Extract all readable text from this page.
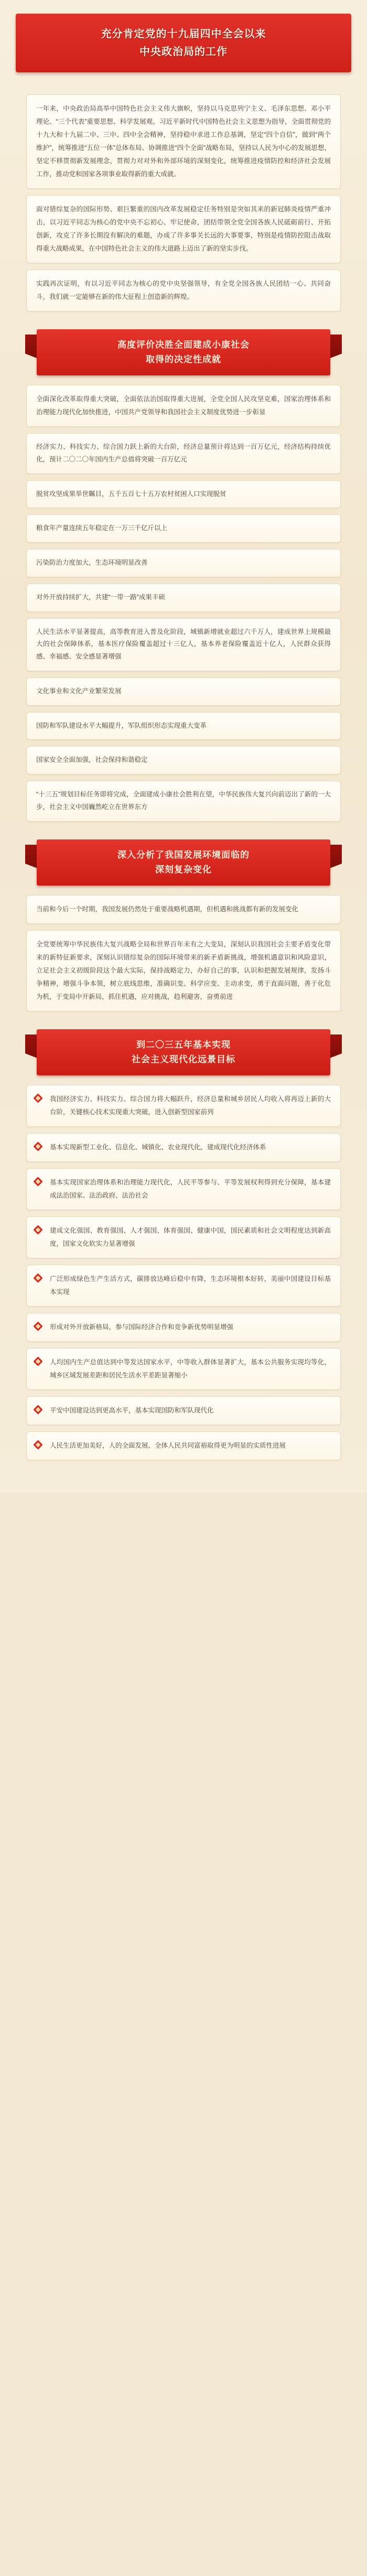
充分肯定党的十九届四中全会以来
中央政治局的工作
一年来，中央政治局高举中国特色社会主义伟大旗帜，坚持以马克思列宁主义、毛泽东思想、邓小平理论、“三个代表”重要思想、科学发展观、习近平新时代中国特色社会主义思想为指导，全面贯彻党的十九大和十九届二中、三中、四中全会精神，坚持稳中求进工作总基调，坚定“四个自信”，做到“两个维护”，统筹推进“五位一体”总体布局、协调推进“四个全面”战略布局，坚持以人民为中心的发展思想，坚定不移贯彻新发展理念，贯彻力对对外和外部环境的深刻变化，统筹推进疫情防控和经济社会发展工作，推动党和国家各项事业取得新的重大成就。
面对错综复杂的国际形势、艰巨繁重的国内改革发展稳定任务特别是突如其来的新冠肺炎疫情严重冲击，以习近平同志为核心的党中央不忘初心、牢记使命，团结带领全党全国各族人民砥砺前行、开拓创新，攻克了许多长期没有解决的难题，办成了许多事关长远的大事要事，特别是疫情防控阻击战取得重大战略成果，在中国特色社会主义的伟大道路上迈出了新的坚实步伐。
实践再次证明，有以习近平同志为核心的党中央坚强领导，有全党全国各族人民团结一心、共同奋斗，我们就一定能够在新的伟大征程上创造新的辉煌。
高度评价决胜全面建成小康社会
取得的决定性成就
全面深化改革取得重大突破，全面依法治国取得重大进展，全党全国人民攻坚克难，国家治理体系和治理能力现代化加快推进，中国共产党领导和我国社会主义制度优势进一步彰显
经济实力、科技实力、综合国力跃上新的大台阶，经济总量预计将达到一百万亿元，经济结构持续优化，预计二〇二〇年国内生产总值将突破一百万亿元
脱贫攻坚成果举世瞩目，五千五百七十五万农村贫困人口实现脱贫
粮食年产量连续五年稳定在一万三千亿斤以上
污染防治力度加大，生态环境明显改善
对外开放持续扩大，共建“一带一路”成果丰硕
人民生活水平显著提高，高等教育进入普及化阶段，城镇新增就业超过六千万人，建成世界上规模最大的社会保障体系，基本医疗保险覆盖超过十三亿人，基本养老保险覆盖近十亿人，人民群众获得感、幸福感、安全感显著增强
文化事业和文化产业繁荣发展
国防和军队建设水平大幅提升，军队组织形态实现重大变革
国家安全全面加强，社会保持和谐稳定
“十三五”规划目标任务即将完成，全面建成小康社会胜利在望，中华民族伟大复兴向前迈出了新的一大步，社会主义中国巍然屹立在世界东方
深入分析了我国发展环境面临的
深刻复杂变化
当前和今后一个时期，我国发展仍然处于重要战略机遇期，但机遇和挑战都有新的发展变化
全党要统筹中华民族伟大复兴战略全局和世界百年未有之大变局，深刻认识我国社会主要矛盾变化带来的新特征新要求，深刻认识错综复杂的国际环境带来的新矛盾新挑战，增强机遇意识和风险意识，立足社会主义初级阶段这个最大实际，保持战略定力，办好自己的事，认识和把握发展规律，发扬斗争精神，增强斗争本领，树立底线思维，准确识变、科学应变、主动求变，勇于直面问题，善于化危为机，于变局中开新局，抓住机遇，应对挑战，趋利避害，奋勇前进
到二〇三五年基本实现
社会主义现代化远景目标
我国经济实力、科技实力、综合国力将大幅跃升，经济总量和城乡居民人均收入将再迈上新的大台阶，关键核心技术实现重大突破，进入创新型国家前列
基本实现新型工业化、信息化、城镇化、农业现代化，建成现代化经济体系
基本实现国家治理体系和治理能力现代化，人民平等参与、平等发展权利得到充分保障，基本建成法治国家、法治政府、法治社会
建成文化强国、教育强国、人才强国、体育强国、健康中国，国民素质和社会文明程度达到新高度，国家文化软实力显著增强
广泛形成绿色生产生活方式，碳排放达峰后稳中有降，生态环境根本好转，美丽中国建设目标基本实现
形成对外开放新格局，参与国际经济合作和竞争新优势明显增强
人均国内生产总值达到中等发达国家水平，中等收入群体显著扩大，基本公共服务实现均等化，城乡区域发展差距和居民生活水平差距显著缩小
平安中国建设达到更高水平，基本实现国防和军队现代化
人民生活更加美好，人的全面发展、全体人民共同富裕取得更为明显的实质性进展
